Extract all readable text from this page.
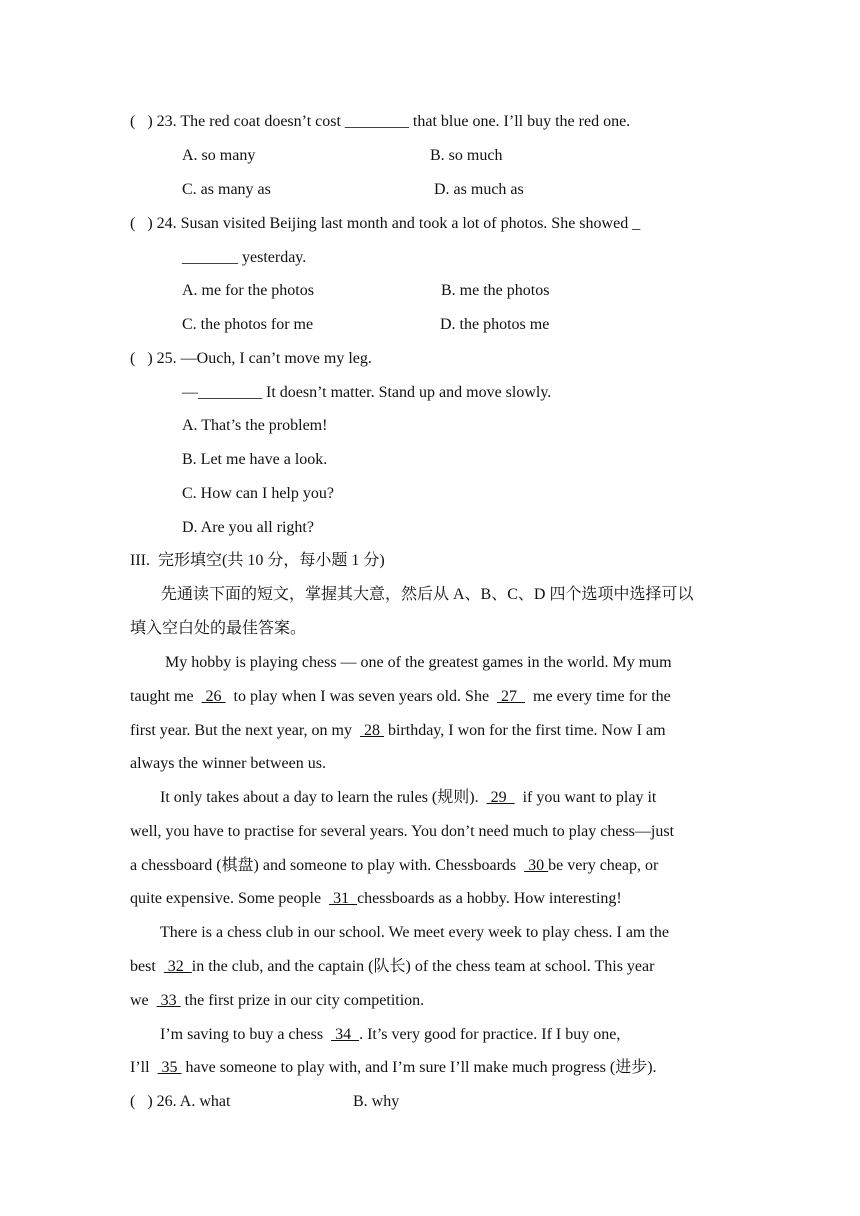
(   ) 23. The red coat doesn’t cost ________ that blue one. I’ll buy the red one.
A. so many	B. so much
C. as many as	D. as much as
(   ) 24. Susan visited Beijing last month and took a lot of photos. She showed _
_______ yesterday.
A. me for the photos	B. me the photos
C. the photos for me	D. the photos me
(   ) 25. —Ouch, I can’t move my leg.
—________ It doesn’t matter. Stand up and move slowly.
A. That’s the problem!
B. Let me have a look.
C. How can I help you?
D. Are you all right?
III.  完形填空(共 10 分，每小题 1 分)
先通读下面的短文，掌握其大意，然后从 A、B、C、D 四个选项中选择可以
填入空白处的最佳答案。
My hobby is playing chess — one of the greatest games in the world. My mum
taught me   26   to play when I was seven years old. She   27    me every time for the
first year. But the next year, on my   28  birthday, I won for the first time. Now I am
always the winner between us.
It only takes about a day to learn the rules (规则).   29    if you want to play it
well, you have to practise for several years. You don’t need much to play chess—just
a chessboard (棋盘) and someone to play with. Chessboards   30 be very cheap, or
quite expensive. Some people   31  chessboards as a hobby. How interesting!
There is a chess club in our school. We meet every week to play chess. I am the
best   32  in the club, and the captain (队长) of the chess team at school. This year
we   33  the first prize in our city competition.
I’m saving to buy a chess   34  . It’s very good for practice. If I buy one,
I’ll   35  have someone to play with, and I’m sure I’ll make much progress (进步).
(   ) 26. A. what	B. why
